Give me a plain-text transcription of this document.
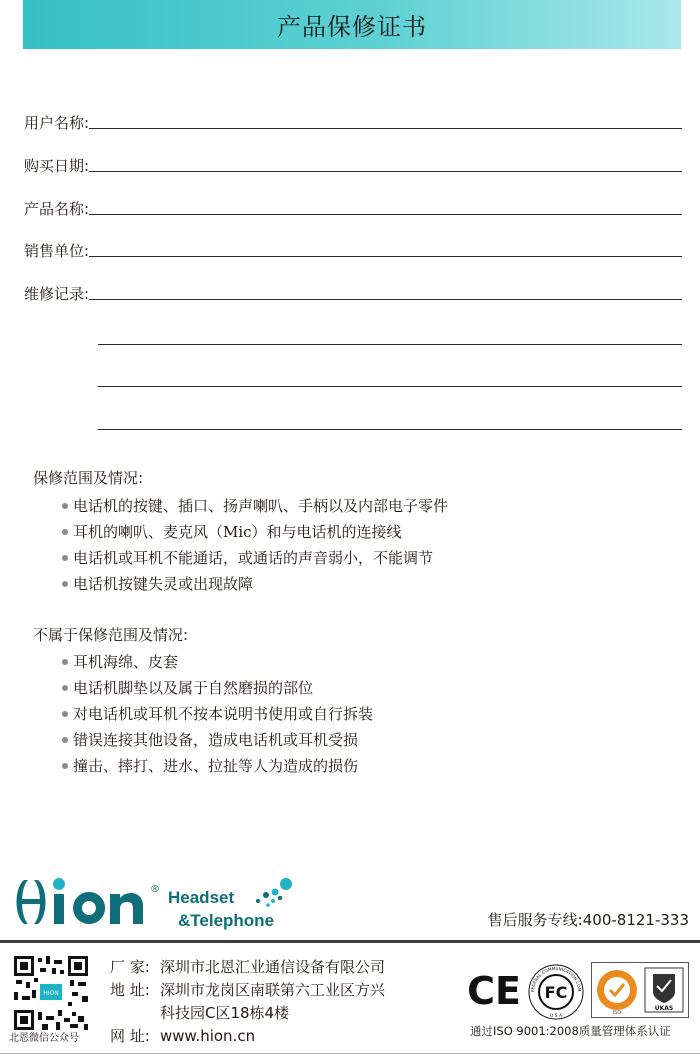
产品保修证书
用户名称:
购买日期:
产品名称:
销售单位:
维修记录:
保修范围及情况:
电话机的按键、插口、扬声喇叭、手柄以及内部电子零件
耳机的喇叭、麦克风（Mic）和与电话机的连接线
电话机或耳机不能通话，或通话的声音弱小，不能调节
电话机按键失灵或出现故障
不属于保修范围及情况:
耳机海绵、皮套
电话机脚垫以及属于自然磨损的部位
对电话机或耳机不按本说明书使用或自行拆装
错误连接其他设备，造成电话机或耳机受损
撞击、摔打、进水、拉扯等人为造成的损伤
® Headset
&Telephone	售后服务专线:400-8121-333
HION
北恩微信公众号
厂 家: 深圳市北恩汇业通信设备有限公司
地 址: 深圳市龙岗区南联第六工业区方兴
科技园C区18栋4楼
网 址: www.hion.cn
CE	FEDERAL COMMUNICATION COM
FC
U S A
ISO
UKAS
通过ISO 9001:2008质量管理体系认证
